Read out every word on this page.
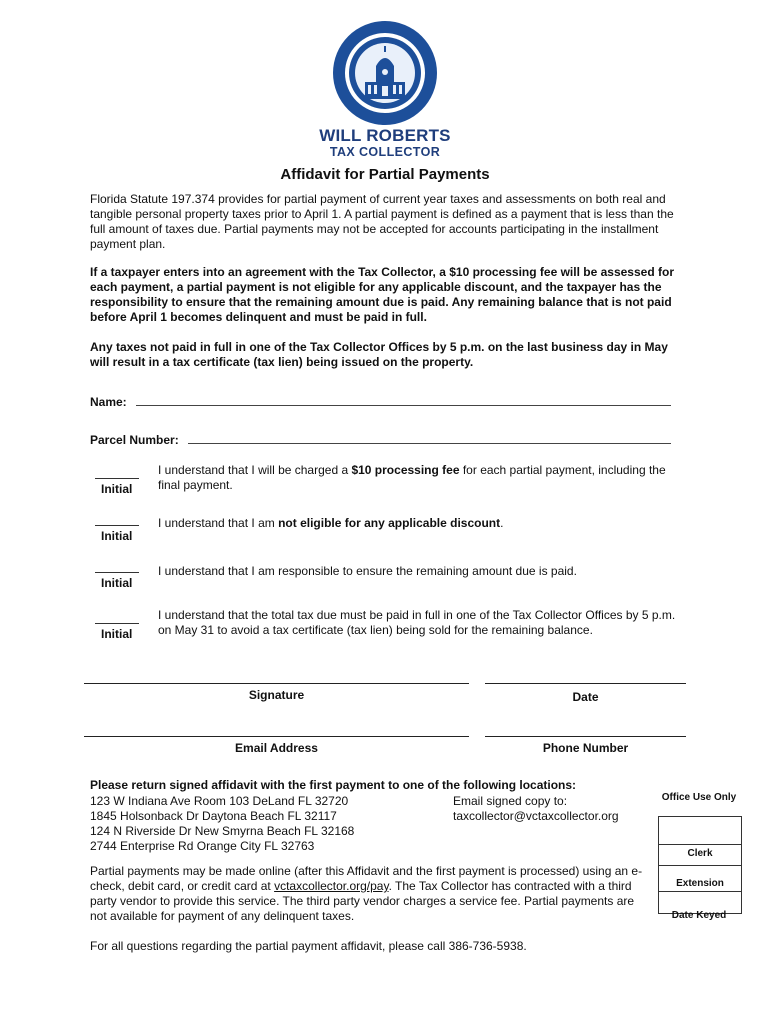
WILL ROBERTS
TAX COLLECTOR
Affidavit for Partial Payments
Florida Statute 197.374 provides for partial payment of current year taxes and assessments on both real and tangible personal property taxes prior to April 1. A partial payment is defined as a payment that is less than the full amount of taxes due. Partial payments may not be accepted for accounts participating in the installment payment plan.
If a taxpayer enters into an agreement with the Tax Collector, a $10 processing fee will be assessed for each payment, a partial payment is not eligible for any applicable discount, and the taxpayer has the responsibility to ensure that the remaining amount due is paid. Any remaining balance that is not paid before April 1 becomes delinquent and must be paid in full.
Any taxes not paid in full in one of the Tax Collector Offices by 5 p.m. on the last business day in May will result in a tax certificate (tax lien) being issued on the property.
Name:
Parcel Number:
Initial
I understand that I will be charged a $10 processing fee for each partial payment, including the final payment.
Initial
I understand that I am not eligible for any applicable discount.
Initial
I understand that I am responsible to ensure the remaining amount due is paid.
Initial
I understand that the total tax due must be paid in full in one of the Tax Collector Offices by 5 p.m. on May 31 to avoid a tax certificate (tax lien) being sold for the remaining balance.
Signature	Date
Email Address	Phone Number
Please return signed affidavit with the first payment to one of the following locations:
123 W Indiana Ave Room 103 DeLand FL 32720
1845 Holsonback Dr Daytona Beach FL 32117
124 N Riverside Dr New Smyrna Beach FL 32168
2744 Enterprise Rd Orange City FL 32763
Email signed copy to:
taxcollector@vctaxcollector.org
Partial payments may be made online (after this Affidavit and the first payment is processed) using an e-check, debit card, or credit card at vctaxcollector.org/pay. The Tax Collector has contracted with a third party vendor to provide this service. The third party vendor charges a service fee. Partial payments are not available for payment of any delinquent taxes.
For all questions regarding the partial payment affidavit, please call 386-736-5938.
Office Use Only
Clerk
Extension
Date Keyed
